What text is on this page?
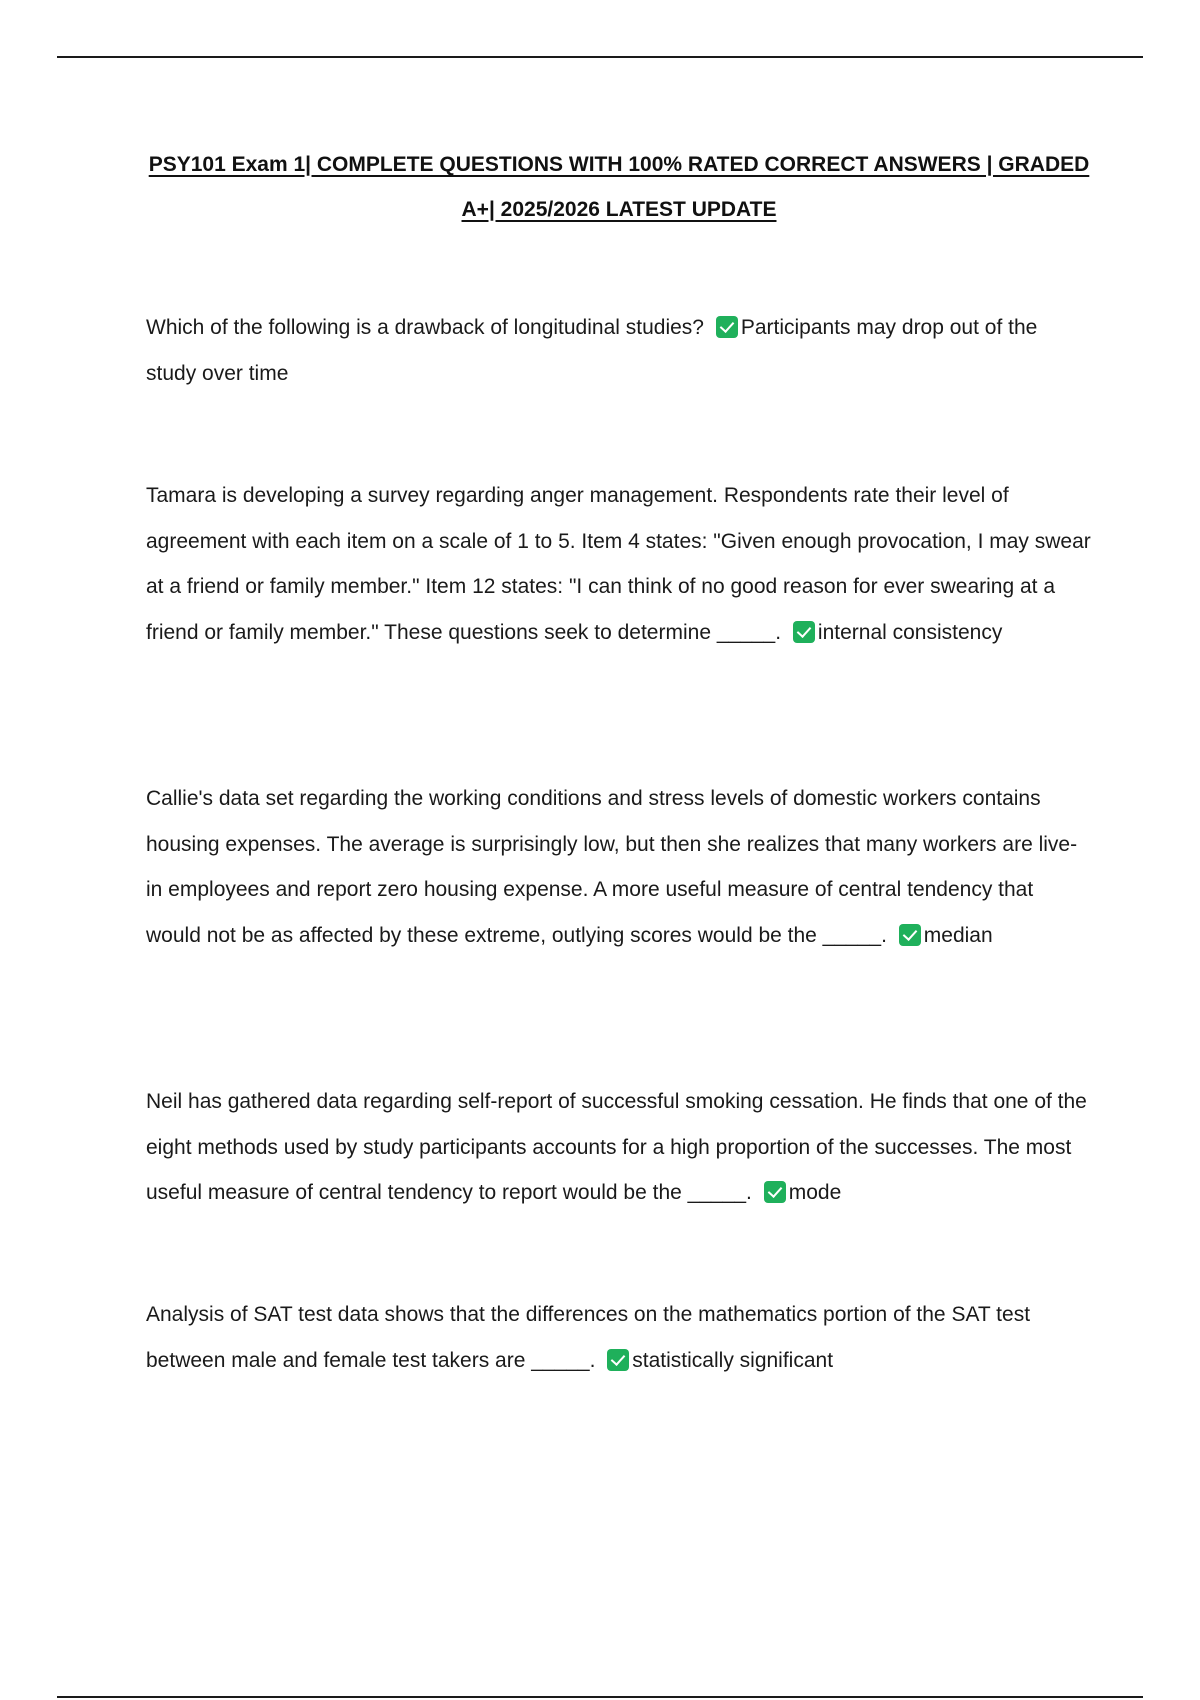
PSY101 Exam 1| COMPLETE QUESTIONS WITH 100% RATED CORRECT ANSWERS | GRADED A+| 2025/2026 LATEST UPDATE

Which of the following is a drawback of longitudinal studies? Participants may drop out of the study over time

Tamara is developing a survey regarding anger management. Respondents rate their level of agreement with each item on a scale of 1 to 5. Item 4 states: "Given enough provocation, I may swear at a friend or family member." Item 12 states: "I can think of no good reason for ever swearing at a friend or family member." These questions seek to determine _____. internal consistency

Callie's data set regarding the working conditions and stress levels of domestic workers contains housing expenses. The average is surprisingly low, but then she realizes that many workers are live-in employees and report zero housing expense. A more useful measure of central tendency that would not be as affected by these extreme, outlying scores would be the _____. median

Neil has gathered data regarding self-report of successful smoking cessation. He finds that one of the eight methods used by study participants accounts for a high proportion of the successes. The most useful measure of central tendency to report would be the _____. mode

Analysis of SAT test data shows that the differences on the mathematics portion of the SAT test between male and female test takers are _____. statistically significant
